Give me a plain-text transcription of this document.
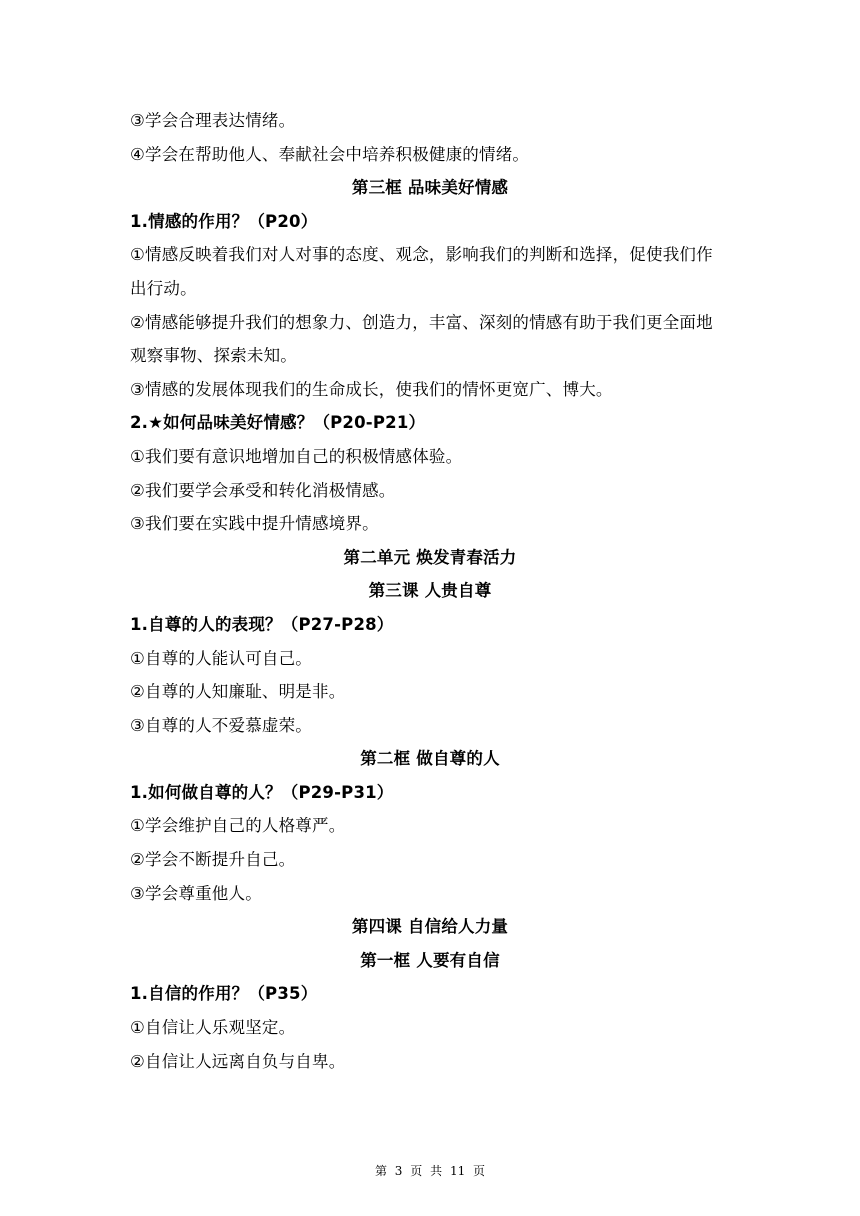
③学会合理表达情绪。
④学会在帮助他人、奉献社会中培养积极健康的情绪。
第三框 品味美好情感
1.情感的作用？（P20）
①情感反映着我们对人对事的态度、观念，影响我们的判断和选择，促使我们作
出行动。
②情感能够提升我们的想象力、创造力，丰富、深刻的情感有助于我们更全面地
观察事物、探索未知。
③情感的发展体现我们的生命成长，使我们的情怀更宽广、博大。
2.★如何品味美好情感？（P20-P21）
①我们要有意识地增加自己的积极情感体验。
②我们要学会承受和转化消极情感。
③我们要在实践中提升情感境界。
第二单元 焕发青春活力
第三课 人贵自尊
1.自尊的人的表现？（P27-P28）
①自尊的人能认可自己。
②自尊的人知廉耻、明是非。
③自尊的人不爱慕虚荣。
第二框 做自尊的人
1.如何做自尊的人？（P29-P31）
①学会维护自己的人格尊严。
②学会不断提升自己。
③学会尊重他人。
第四课 自信给人力量
第一框 人要有自信
1.自信的作用？（P35）
①自信让人乐观坚定。
②自信让人远离自负与自卑。
第 3 页 共 11 页
